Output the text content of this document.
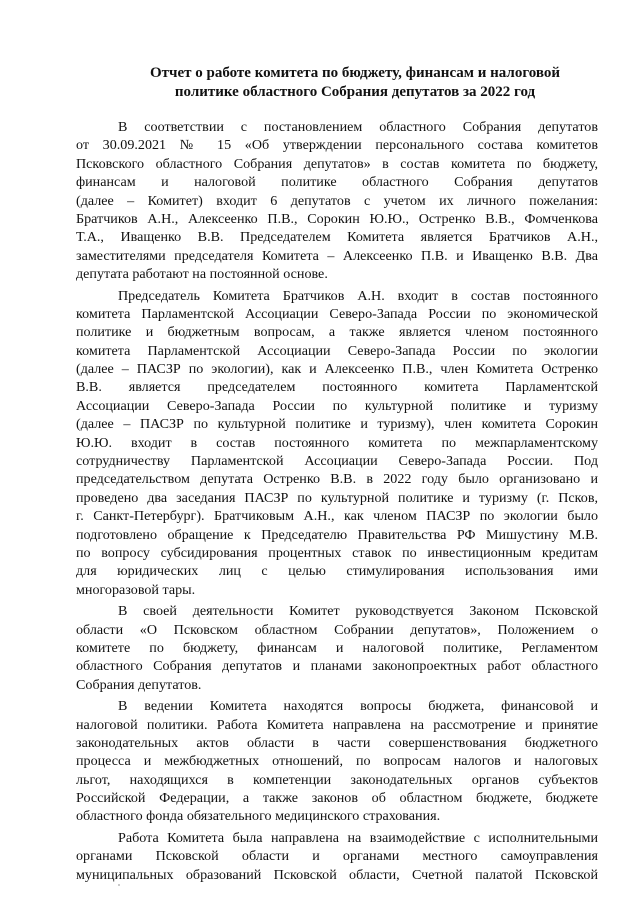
Отчет о работе комитета по бюджету, финансам и налоговой
политике областного Собрания депутатов за 2022 год
В соответствии с постановлением областного Собрания депутатов
от 30.09.2021 № 15 «Об утверждении персонального состава комитетов
Псковского областного Собрания депутатов» в состав комитета по бюджету,
финансам и налоговой политике областного Собрания депутатов
(далее – Комитет) входит 6 депутатов с учетом их личного пожелания:
Братчиков А.Н., Алексеенко П.В., Сорокин Ю.Ю., Остренко В.В., Фомченкова
Т.А., Иващенко В.В. Председателем Комитета является Братчиков А.Н.,
заместителями председателя Комитета – Алексеенко П.В. и Иващенко В.В. Два
депутата работают на постоянной основе.
Председатель Комитета Братчиков А.Н. входит в состав постоянного
комитета Парламентской Ассоциации Северо-Запада России по экономической
политике и бюджетным вопросам, а также является членом постоянного
комитета Парламентской Ассоциации Северо-Запада России по экологии
(далее – ПАСЗР по экологии), как и Алексеенко П.В., член Комитета Остренко
В.В. является председателем постоянного комитета Парламентской
Ассоциации Северо-Запада России по культурной политике и туризму
(далее – ПАСЗР по культурной политике и туризму), член комитета Сорокин
Ю.Ю. входит в состав постоянного комитета по межпарламентскому
сотрудничеству Парламентской Ассоциации Северо-Запада России. Под
председательством депутата Остренко В.В. в 2022 году было организовано и
проведено два заседания ПАСЗР по культурной политике и туризму (г. Псков,
г. Санкт-Петербург). Братчиковым А.Н., как членом ПАСЗР по экологии было
подготовлено обращение к Председателю Правительства РФ Мишустину М.В.
по вопросу субсидирования процентных ставок по инвестиционным кредитам
для юридических лиц с целью стимулирования использования ими
многоразовой тары.
В своей деятельности Комитет руководствуется Законом Псковской
области «О Псковском областном Собрании депутатов», Положением о
комитете по бюджету, финансам и налоговой политике, Регламентом
областного Собрания депутатов и планами законопроектных работ областного
Собрания депутатов.
В ведении Комитета находятся вопросы бюджета, финансовой и
налоговой политики. Работа Комитета направлена на рассмотрение и принятие
законодательных актов области в части совершенствования бюджетного
процесса и межбюджетных отношений, по вопросам налогов и налоговых
льгот, находящихся в компетенции законодательных органов субъектов
Российской Федерации, а также законов об областном бюджете, бюджете
областного фонда обязательного медицинского страхования.
Работа Комитета была направлена на взаимодействие с исполнительными
органами Псковской области и органами местного самоуправления
муниципальных образований Псковской области, Счетной палатой Псковской
